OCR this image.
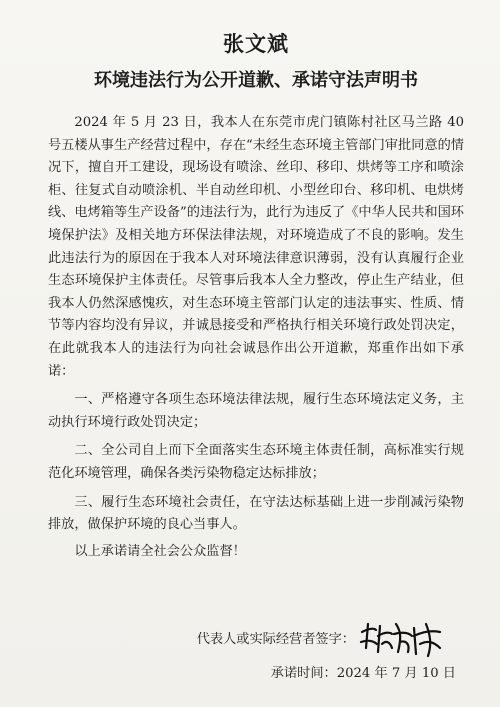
张文斌
环境违法行为公开道歉、承诺守法声明书

2024 年 5 月 23 日，我本人在东莞市虎门镇陈村社区马兰路 40 号五楼从事生产经营过程中，存在“未经生态环境主管部门审批同意的情况下，擅自开工建设，现场设有喷涂、丝印、移印、烘烤等工序和喷涂柜、往复式自动喷涂机、半自动丝印机、小型丝印台、移印机、电烘烤线、电烤箱等生产设备”的违法行为，此行为违反了《中华人民共和国环境保护法》及相关地方环保法律法规，对环境造成了不良的影响。发生此违法行为的原因在于我本人对环境法律意识薄弱，没有认真履行企业生态环境保护主体责任。尽管事后我本人全力整改，停止生产结业，但我本人仍然深感愧疚，对生态环境主管部门认定的违法事实、性质、情节等内容均没有异议，并诚恳接受和严格执行相关环境行政处罚决定，在此就我本人的违法行为向社会诚恳作出公开道歉，郑重作出如下承诺：

一、严格遵守各项生态环境法律法规，履行生态环境法定义务，主动执行环境行政处罚决定；

二、全公司自上而下全面落实生态环境主体责任制，高标准实行规范化环境管理，确保各类污染物稳定达标排放；

三、履行生态环境社会责任，在守法达标基础上进一步削减污染物排放，做保护环境的良心当事人。

以上承诺请全社会公众监督！

代表人或实际经营者签字：
承诺时间：2024 年 7 月 10 日
